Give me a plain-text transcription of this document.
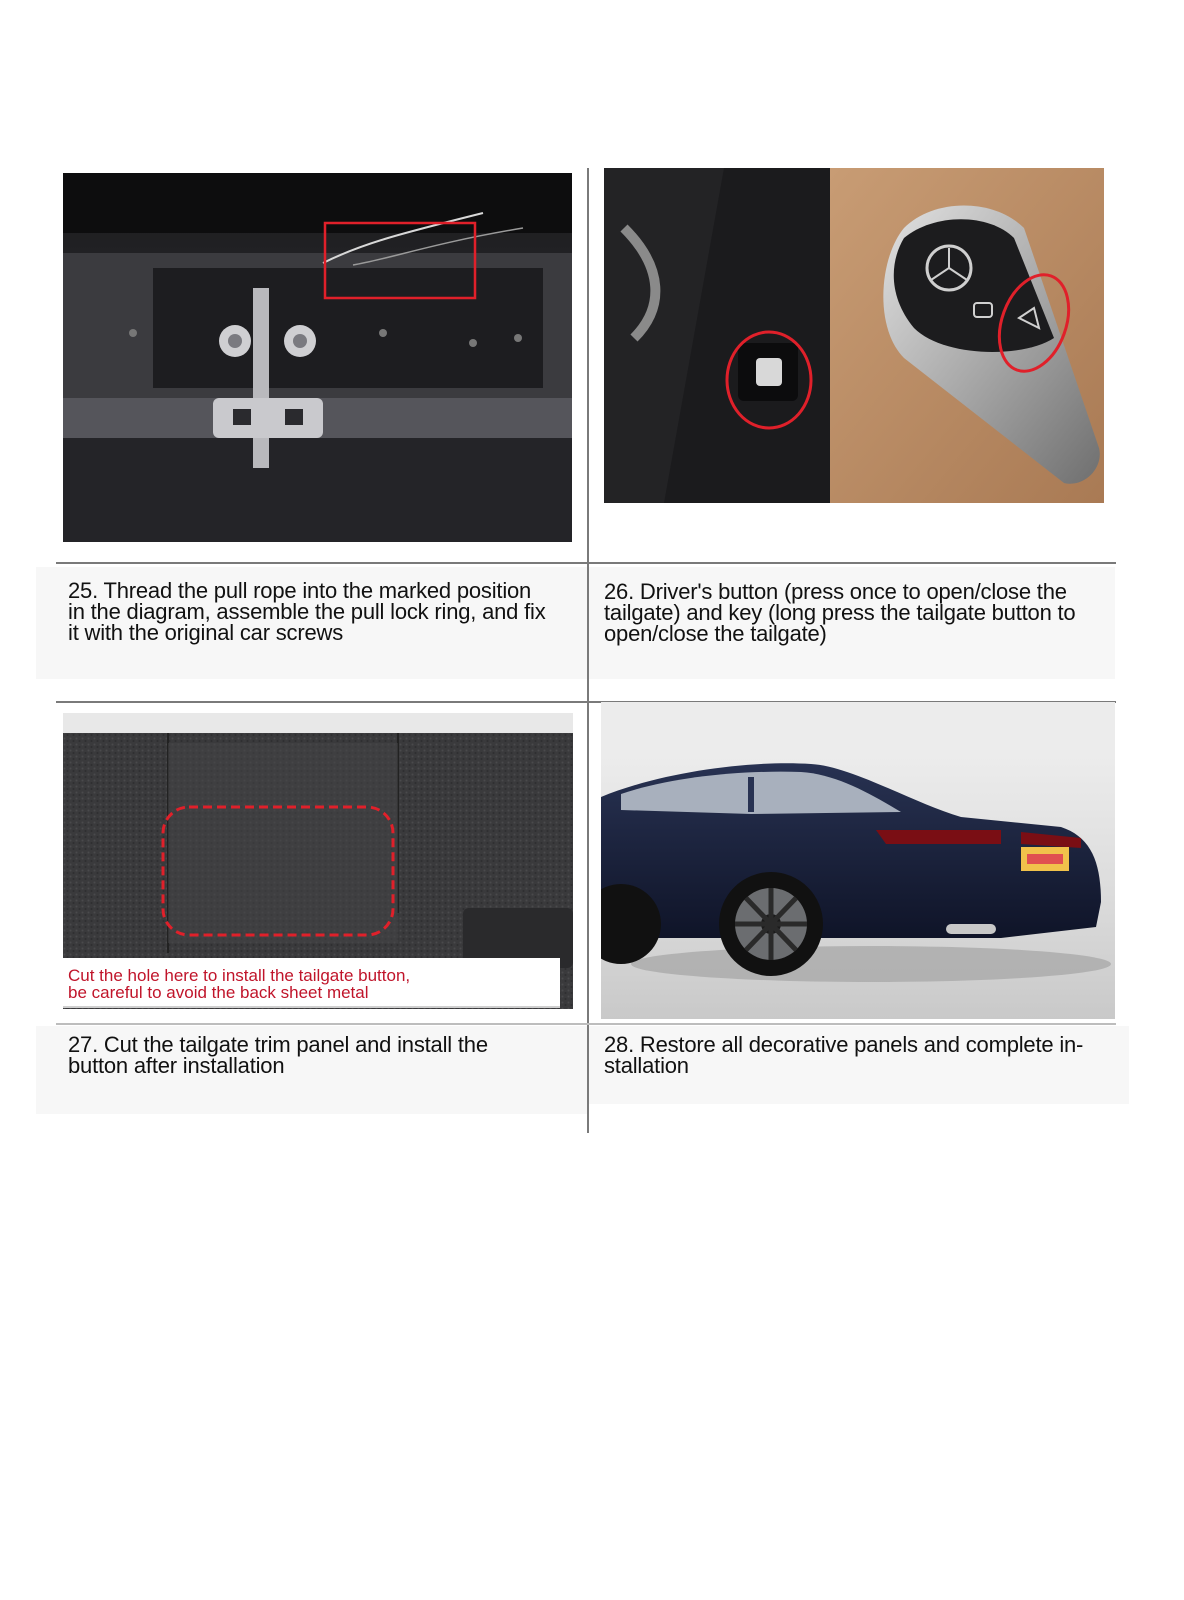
25. Thread the pull rope into the marked position
in the diagram, assemble the pull lock ring, and fix
it with the original car screws
26. Driver's button (press once to open/close the
tailgate) and key (long press the tailgate button to
open/close the tailgate)
Cut the hole here to install the tailgate button,
be careful to avoid the back sheet metal
27. Cut the tailgate trim panel and install the
button after installation
28. Restore all decorative panels and complete in-
stallation
